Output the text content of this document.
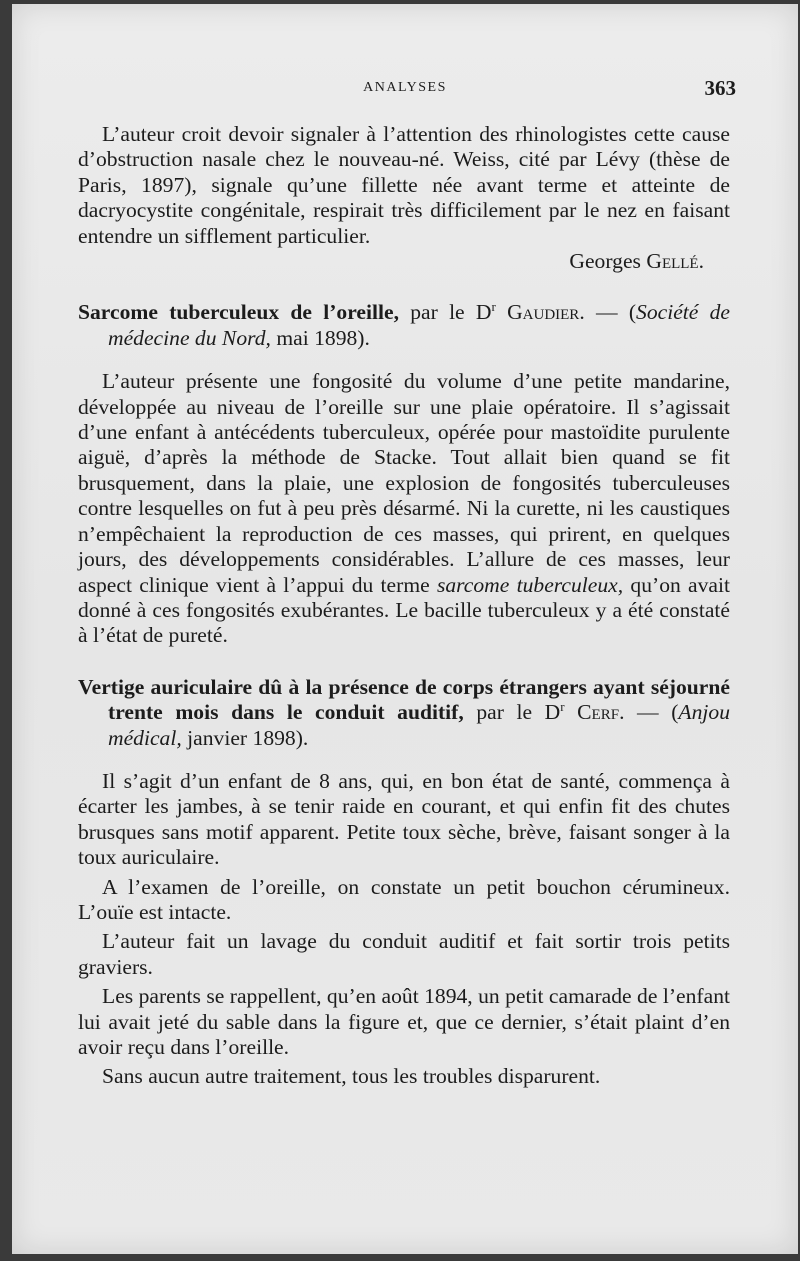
ANALYSES	363

L’auteur croit devoir signaler à l’attention des rhinologistes cette cause d’obstruction nasale chez le nouveau-né. Weiss, cité par Lévy (thèse de Paris, 1897), signale qu’une fillette née avant terme et atteinte de dacryocystite congénitale, respirait très difficilement par le nez en faisant entendre un sifflement particulier.

Georges Gellé.

Sarcome tuberculeux de l’oreille, par le $D^r$ Gaudier. — (Société de médecine du Nord, mai 1898).

L’auteur présente une fongosité du volume d’une petite mandarine, développée au niveau de l’oreille sur une plaie opératoire. Il s’agissait d’une enfant à antécédents tuberculeux, opérée pour mastoïdite purulente aiguë, d’après la méthode de Stacke. Tout allait bien quand se fit brusquement, dans la plaie, une explosion de fongosités tuberculeuses contre lesquelles on fut à peu près désarmé. Ni la curette, ni les caustiques n’empêchaient la reproduction de ces masses, qui prirent, en quelques jours, des développements considérables. L’allure de ces masses, leur aspect clinique vient à l’appui du terme sarcome tuberculeux, qu’on avait donné à ces fongosités exubérantes. Le bacille tuberculeux y a été constaté à l’état de pureté.

Vertige auriculaire dû à la présence de corps étrangers ayant séjourné trente mois dans le conduit auditif, par le $D^r$ Cerf. — (Anjou médical, janvier 1898).

Il s’agit d’un enfant de 8 ans, qui, en bon état de santé, commença à écarter les jambes, à se tenir raide en courant, et qui enfin fit des chutes brusques sans motif apparent. Petite toux sèche, brève, faisant songer à la toux auriculaire.

A l’examen de l’oreille, on constate un petit bouchon cérumineux. L’ouïe est intacte.

L’auteur fait un lavage du conduit auditif et fait sortir trois petits graviers.

Les parents se rappellent, qu’en août 1894, un petit camarade de l’enfant lui avait jeté du sable dans la figure et, que ce dernier, s’était plaint d’en avoir reçu dans l’oreille.

Sans aucun autre traitement, tous les troubles disparurent.
